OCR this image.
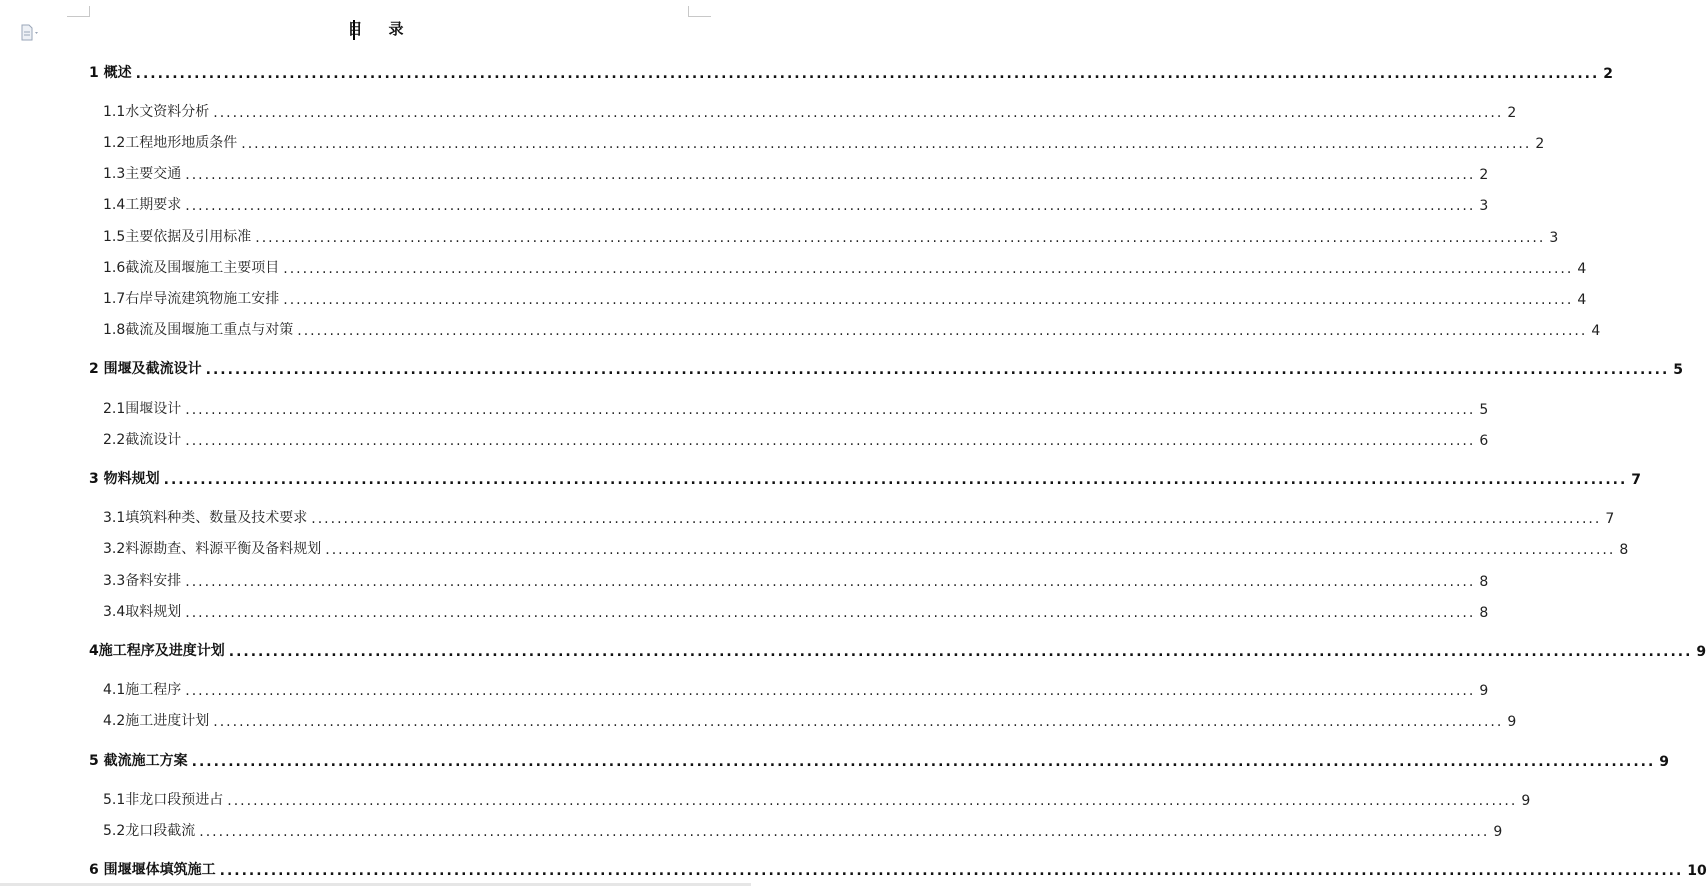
目 录
1 概述 ........................................................................................................................................................................................................ 2
1.1水文资料分析 ........................................................................................................................................................................................................ 2
1.2工程地形地质条件 ........................................................................................................................................................................................................ 2
1.3主要交通 ........................................................................................................................................................................................................ 2
1.4工期要求 ........................................................................................................................................................................................................ 3
1.5主要依据及引用标准 ........................................................................................................................................................................................................ 3
1.6截流及围堰施工主要项目 ........................................................................................................................................................................................................ 4
1.7右岸导流建筑物施工安排 ........................................................................................................................................................................................................ 4
1.8截流及围堰施工重点与对策 ........................................................................................................................................................................................................ 4
2 围堰及截流设计 ........................................................................................................................................................................................................ 5
2.1围堰设计 ........................................................................................................................................................................................................ 5
2.2截流设计 ........................................................................................................................................................................................................ 6
3 物料规划 ........................................................................................................................................................................................................ 7
3.1填筑料种类、数量及技术要求 ........................................................................................................................................................................................................ 7
3.2料源勘查、料源平衡及备料规划 ........................................................................................................................................................................................................ 8
3.3备料安排 ........................................................................................................................................................................................................ 8
3.4取料规划 ........................................................................................................................................................................................................ 8
4施工程序及进度计划 ........................................................................................................................................................................................................ 9
4.1施工程序 ........................................................................................................................................................................................................ 9
4.2施工进度计划 ........................................................................................................................................................................................................ 9
5 截流施工方案 ........................................................................................................................................................................................................ 9
5.1非龙口段预进占 ........................................................................................................................................................................................................ 9
5.2龙口段截流 ........................................................................................................................................................................................................ 9
6 围堰堰体填筑施工 ........................................................................................................................................................................................................ 10
